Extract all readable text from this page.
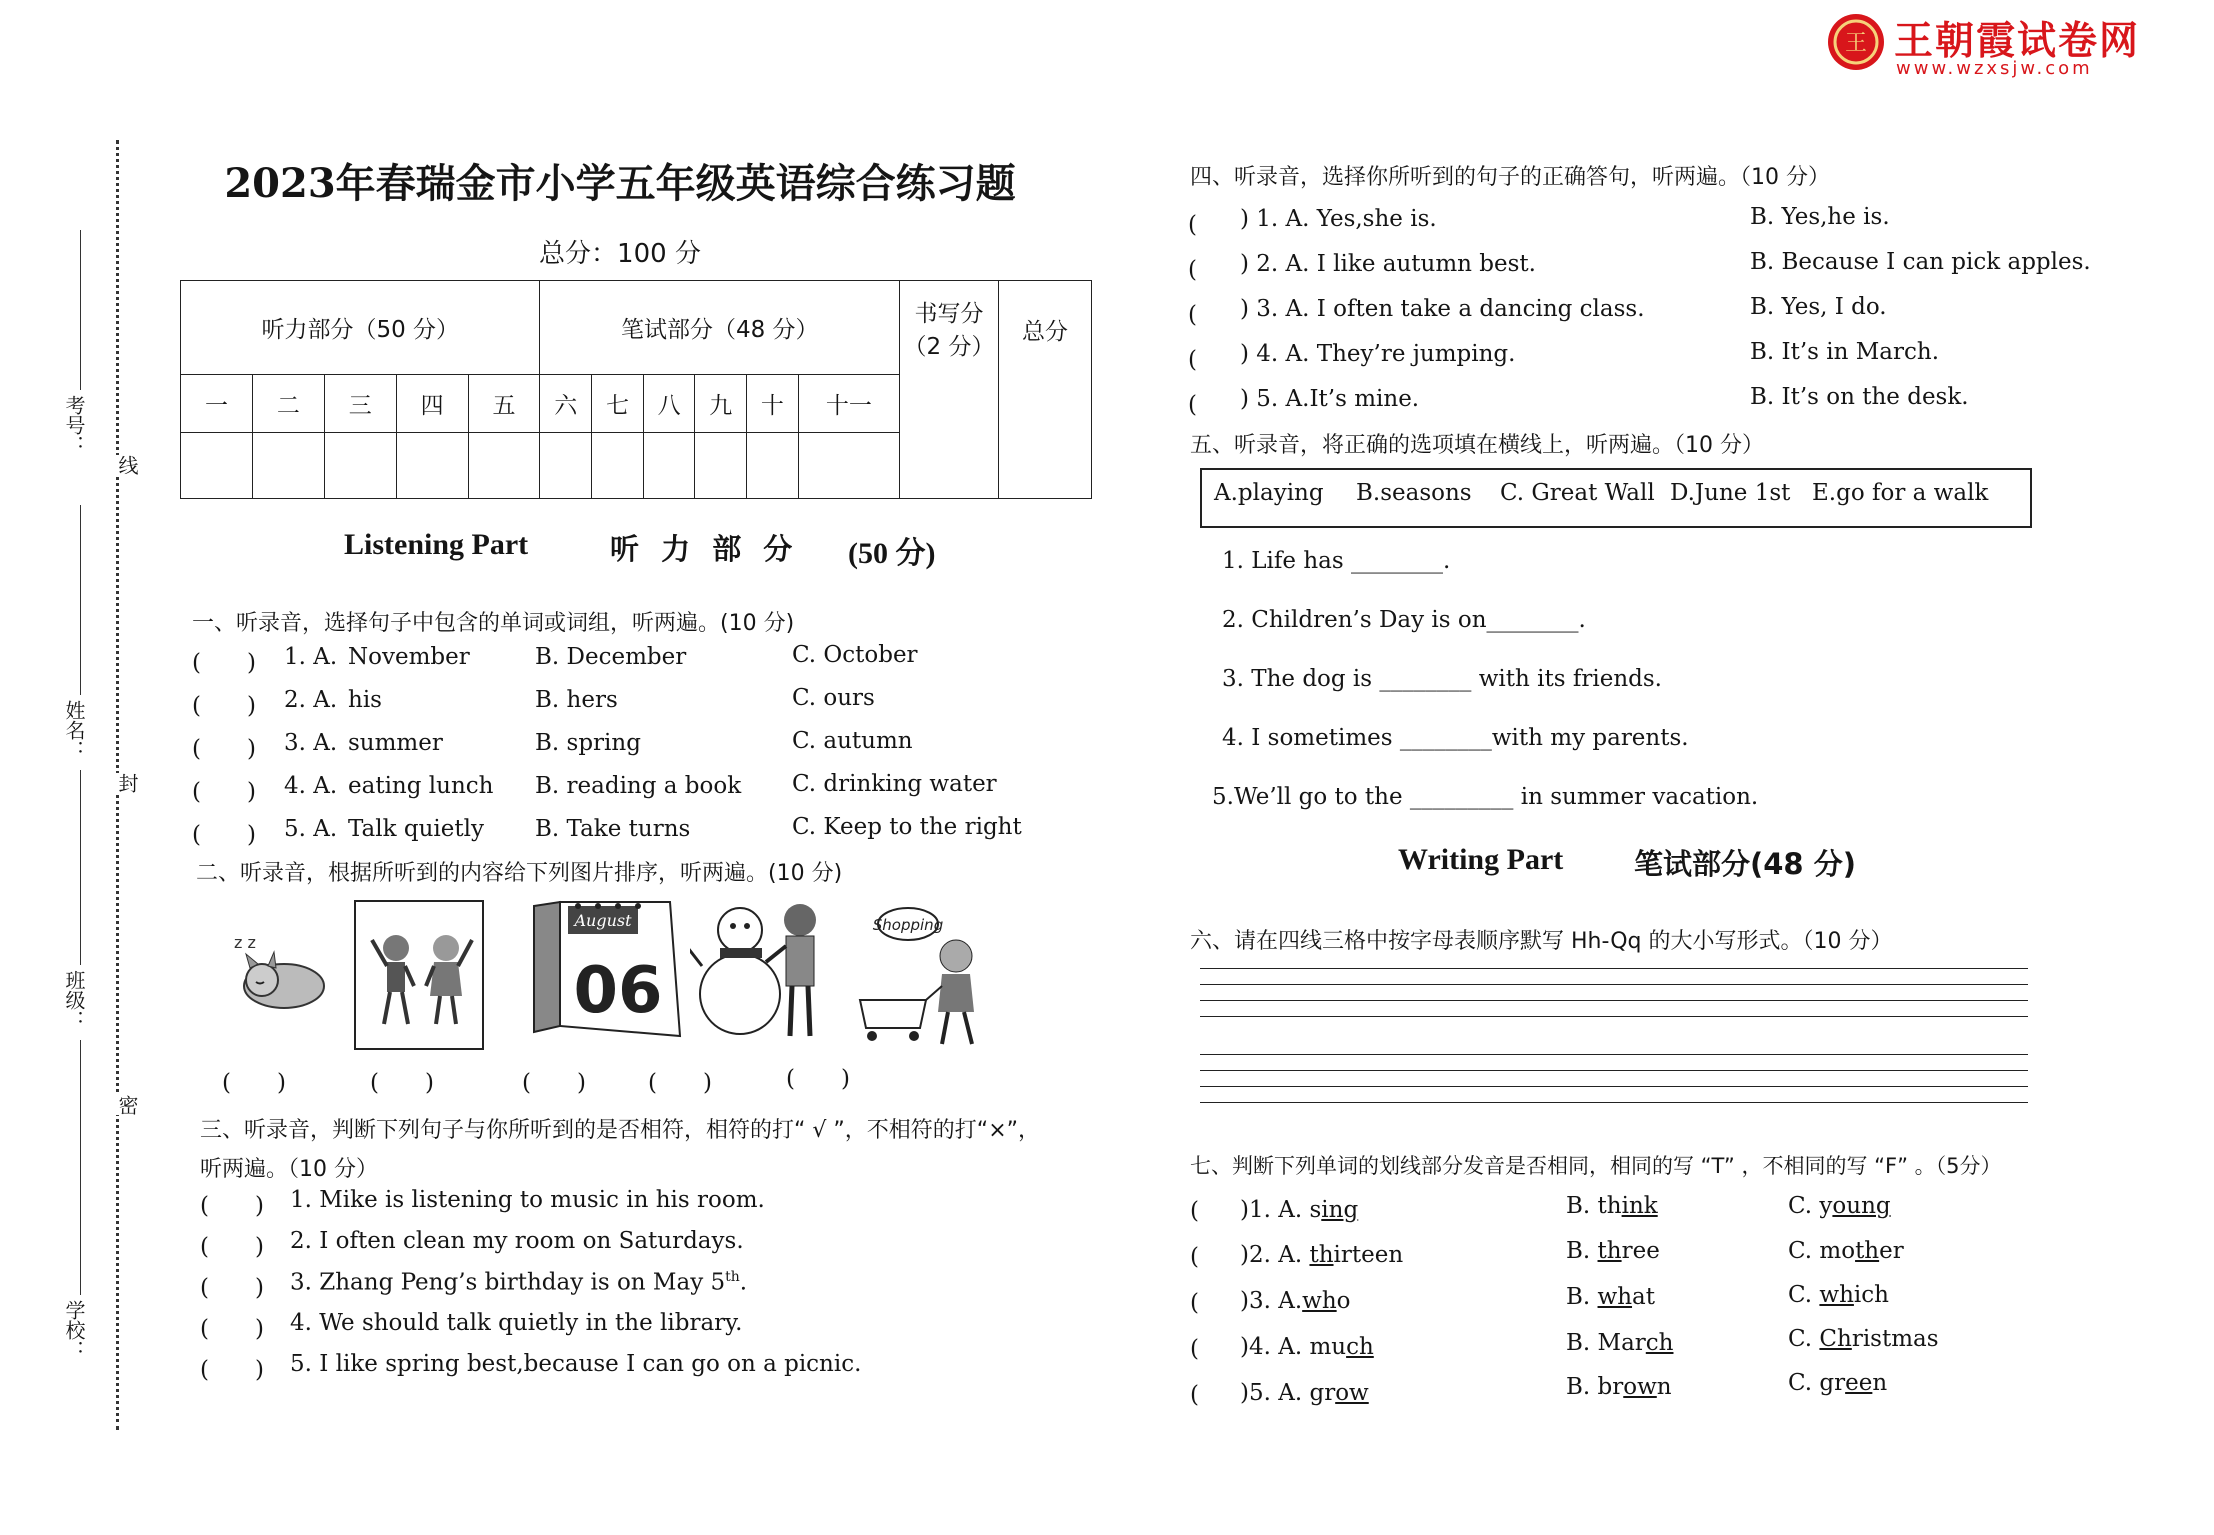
王 王朝霞试卷网
www.wzxsjw.com
考号：
姓名：
班级：
学校：
线
封
密
2023年春瑞金市小学五年级英语综合练习题
总分：100 分
听力部分（50 分）					笔试部分（48 分）						书写分
（2 分）	总分
一	二	三	四	五	六	七	八	九	十	十一		

Listening Part	听 力 部 分 (50 分)
一、听录音，选择句子中包含的单词或词组，听两遍。(10 分)
(　　) 1. A. November	B. December	C. October
(　　) 2. A. his	B. hers	C. ours
(　　) 3. A. summer	B. spring	C. autumn
(　　) 4. A. eating lunch B. reading a book C. drinking water
(　　) 5. A. Talk quietly B. Take turns	C. Keep to the right
二、听录音，根据所听到的内容给下列图片排序，听两遍。(10 分)
z z
August
06
Shopping
(　　)	(　　)	(　　)	(　　)	(　　)
三、听录音，判断下列句子与你所听到的是否相符，相符的打“ √ ”，不相符的打“×”，
听两遍。（10 分）
(　　) 1. Mike is listening to music in his room.
(　　) 2. I often clean my room on Saturdays.
(　　) 3. Zhang Peng’s birthday is on May 5th.
(　　) 4. We should talk quietly in the library.
(　　) 5. I like spring best,because I can go on a picnic.
四、听录音，选择你所听到的句子的正确答句，听两遍。（10 分）
(　　
) 1. A. Yes,she is.	B. Yes,he is.
(　　
) 2. A. I like autumn best.	B. Because I can pick apples.
(　　
) 3. A. I often take a dancing class.	B. Yes, I do.
(　　
) 4. A. They’re jumping.	B. It’s in March.
(　　
) 5. A.It’s mine.	B. It’s on the desk.
五、听录音，将正确的选项填在横线上，听两遍。（10 分）
A.playing B.seasons C. Great Wall D.June 1st E.go for a walk
1. Life has ________.
2. Children’s Day is on________.
3. The dog is ________ with its friends.
4. I sometimes ________with my parents.
5.We’ll go to the _________ in summer vacation.
Writing Part 笔试部分(48 分)
六、请在四线三格中按字母表顺序默写 Hh-Qq 的大小写形式。（10 分）
七、判断下列单词的划线部分发音是否相同，相同的写 “T” ，不相同的写 “F” 。（5分）
( )1. A. sing	B. think	C. young
( )2. A. thirteen	B. three	C. mother
( )3. A.who	B. what	C. which
( )4. A. much	B. March	C. Christmas
( )5. A. grow	B. brown	C. green
